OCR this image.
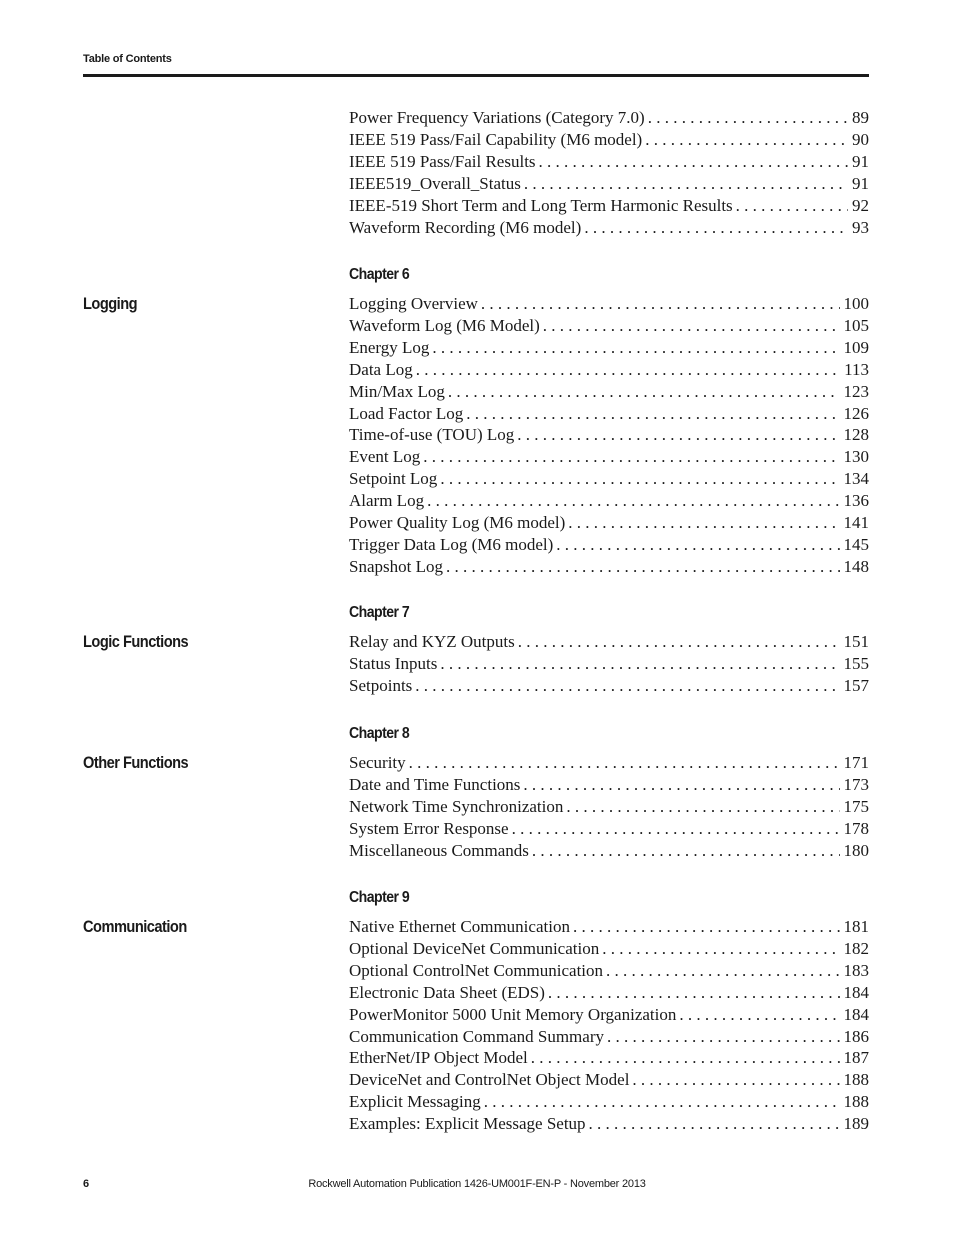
Table of Contents
Power Frequency Variations (Category 7.0) . . .	89
IEEE 519 Pass/Fail Capability (M6 model) . . .	90
IEEE 519 Pass/Fail Results . . .	91
IEEE519_Overall_Status . . .	91
IEEE-519 Short Term and Long Term Harmonic Results . . .	92
Waveform Recording (M6 model) . . .	93
Chapter 6
Logging	Logging Overview . . .	100
Waveform Log (M6 Model) . . .	105
Energy Log . . .	109
Data Log . . .	113
Min/Max Log . . .	123
Load Factor Log . . .	126
Time-of-use (TOU) Log . . .	128
Event Log . . .	130
Setpoint Log . . .	134
Alarm Log . . .	136
Power Quality Log (M6 model) . . .	141
Trigger Data Log (M6 model) . . .	145
Snapshot Log . . .	148
Chapter 7
Logic Functions	Relay and KYZ Outputs . . .	151
Status Inputs . . .	155
Setpoints . . .	157
Chapter 8
Other Functions	Security . . .	171
Date and Time Functions . . .	173
Network Time Synchronization . . .	175
System Error Response . . .	178
Miscellaneous Commands . . .	180
Chapter 9
Communication	Native Ethernet Communication . . .	181
Optional DeviceNet Communication . . .	182
Optional ControlNet Communication . . .	183
Electronic Data Sheet (EDS) . . .	184
PowerMonitor 5000 Unit Memory Organization . . .	184
Communication Command Summary . . .	186
EtherNet/IP Object Model . . .	187
DeviceNet and ControlNet Object Model . . .	188
Explicit Messaging . . .	188
Examples: Explicit Message Setup . . .	189
6	Rockwell Automation Publication 1426-UM001F-EN-P - November 2013
